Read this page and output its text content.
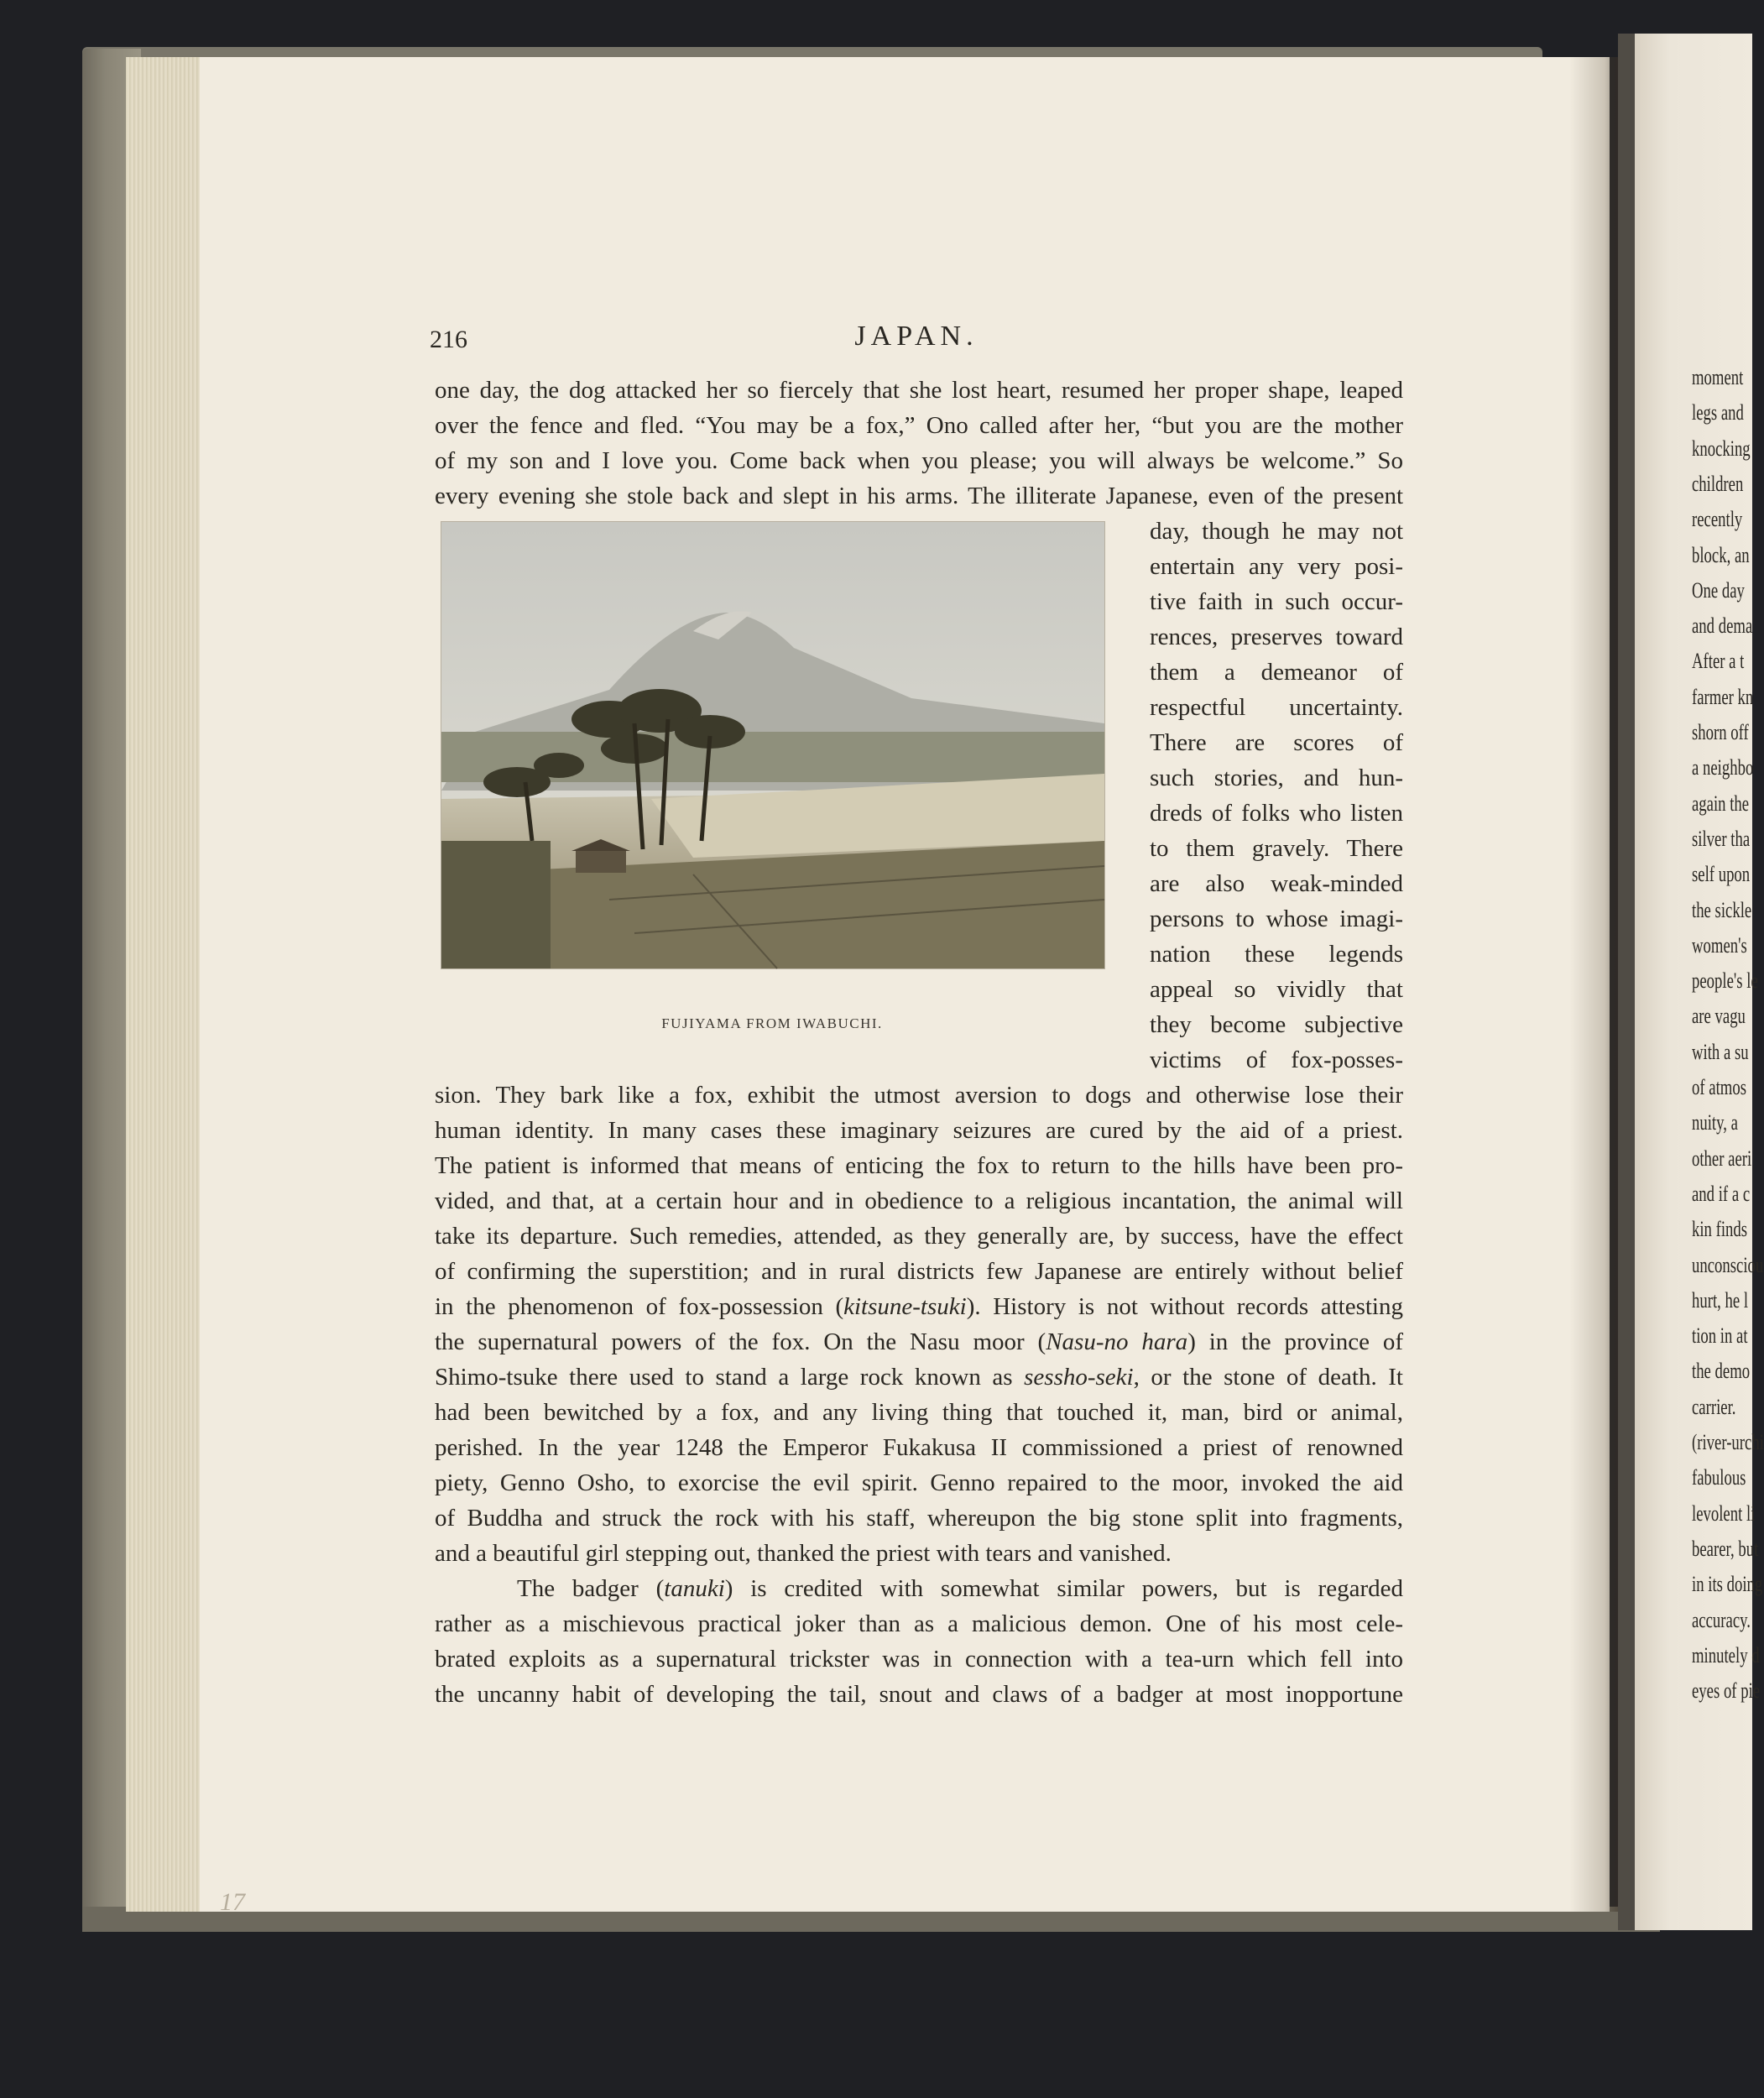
moment
legs and
knocking
children
recently
block, an
One day
and dema
After a t
farmer kn
shorn off
a neighbo
again the
silver tha
self upon
the sickle
women's
people's le
are vagu
with a su
of atmos
nuity, a
other aeri
and if a c
kin finds
unconsciou
hurt, he l
tion in at
the demo
carrier.
(river-urchi
fabulous
levolent li
bearer, but
in its doing
accuracy.
minutely d
eyes of pie
216	JAPAN.
one day, the dog attacked her so fiercely that she lost heart, resumed her proper shape, leaped
over the fence and fled. “You may be a fox,” Ono called after her, “but you are the mother
of my son and I love you. Come back when you please; you will always be welcome.” So
every evening she stole back and slept in his arms. The illiterate Japanese, even of the present
FUJIYAMA FROM IWABUCHI.
day, though he may not
entertain any very posi-
tive faith in such occur-
rences, preserves toward
them a demeanor of
respectful uncertainty.
There are scores of
such stories, and hun-
dreds of folks who listen
to them gravely. There
are also weak-minded
persons to whose imagi-
nation these legends
appeal so vividly that
they become subjective
victims of fox-posses-
sion. They bark like a fox, exhibit the utmost aversion to dogs and otherwise lose their
human identity. In many cases these imaginary seizures are cured by the aid of a priest.
The patient is informed that means of enticing the fox to return to the hills have been pro-
vided, and that, at a certain hour and in obedience to a religious incantation, the animal will
take its departure. Such remedies, attended, as they generally are, by success, have the effect
of confirming the superstition; and in rural districts few Japanese are entirely without belief
in the phenomenon of fox-possession (kitsune-tsuki). History is not without records attesting
the supernatural powers of the fox. On the Nasu moor (Nasu-no hara) in the province of
Shimo-tsuke there used to stand a large rock known as sessho-seki, or the stone of death. It
had been bewitched by a fox, and any living thing that touched it, man, bird or animal,
perished. In the year 1248 the Emperor Fukakusa II commissioned a priest of renowned
piety, Genno Osho, to exorcise the evil spirit. Genno repaired to the moor, invoked the aid
of Buddha and struck the rock with his staff, whereupon the big stone split into fragments,
and a beautiful girl stepping out, thanked the priest with tears and vanished.
The badger (tanuki) is credited with somewhat similar powers, but is regarded
rather as a mischievous practical joker than as a malicious demon. One of his most cele-
brated exploits as a supernatural trickster was in connection with a tea-urn which fell into
the uncanny habit of developing the tail, snout and claws of a badger at most inopportune
17
